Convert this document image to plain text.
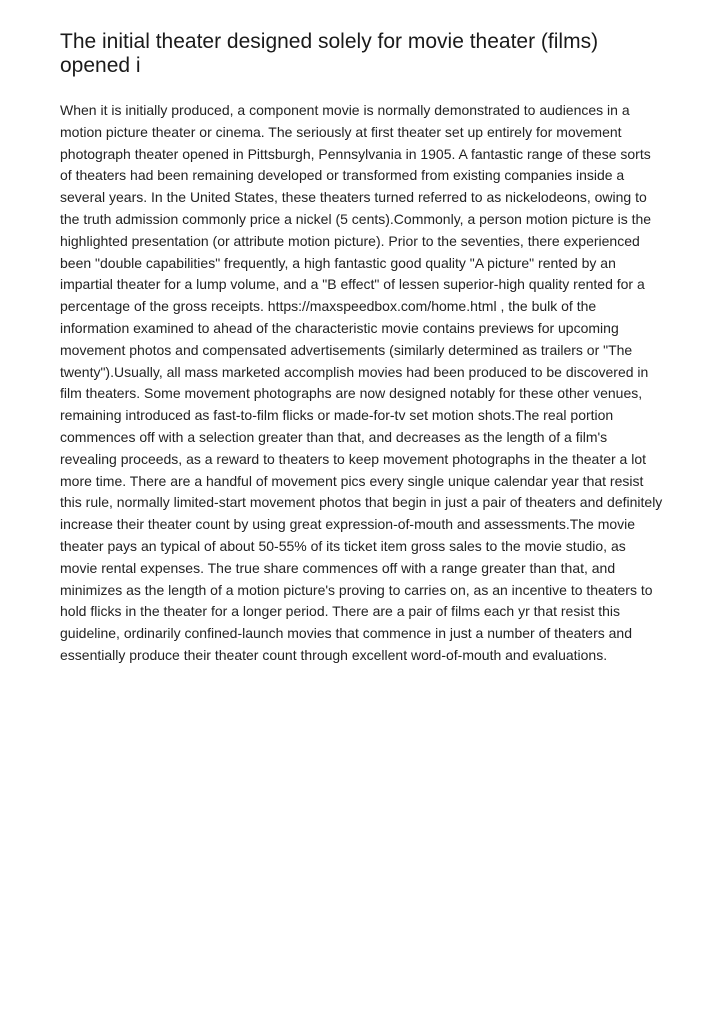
The initial theater designed solely for movie theater (films) opened i

When it is initially produced, a component movie is normally demonstrated to audiences in a motion picture theater or cinema. The seriously at first theater set up entirely for movement photograph theater opened in Pittsburgh, Pennsylvania in 1905. A fantastic range of these sorts of theaters had been remaining developed or transformed from existing companies inside a several years. In the United States, these theaters turned referred to as nickelodeons, owing to the truth admission commonly price a nickel (5 cents).Commonly, a person motion picture is the highlighted presentation (or attribute motion picture). Prior to the seventies, there experienced been "double capabilities" frequently, a high fantastic good quality "A picture" rented by an impartial theater for a lump volume, and a "B effect" of lessen superior-high quality rented for a percentage of the gross receipts. https://maxspeedbox.com/home.html , the bulk of the information examined to ahead of the characteristic movie contains previews for upcoming movement photos and compensated advertisements (similarly determined as trailers or "The twenty").Usually, all mass marketed accomplish movies had been produced to be discovered in film theaters. Some movement photographs are now designed notably for these other venues, remaining introduced as fast-to-film flicks or made-for-tv set motion shots.The real portion commences off with a selection greater than that, and decreases as the length of a film's revealing proceeds, as a reward to theaters to keep movement photographs in the theater a lot more time. There are a handful of movement pics every single unique calendar year that resist this rule, normally limited-start movement photos that begin in just a pair of theaters and definitely increase their theater count by using great expression-of-mouth and assessments.The movie theater pays an typical of about 50-55% of its ticket item gross sales to the movie studio, as movie rental expenses. The true share commences off with a range greater than that, and minimizes as the length of a motion picture's proving to carries on, as an incentive to theaters to hold flicks in the theater for a longer period. There are a pair of films each yr that resist this guideline, ordinarily confined-launch movies that commence in just a number of theaters and essentially produce their theater count through excellent word-of-mouth and evaluations.
